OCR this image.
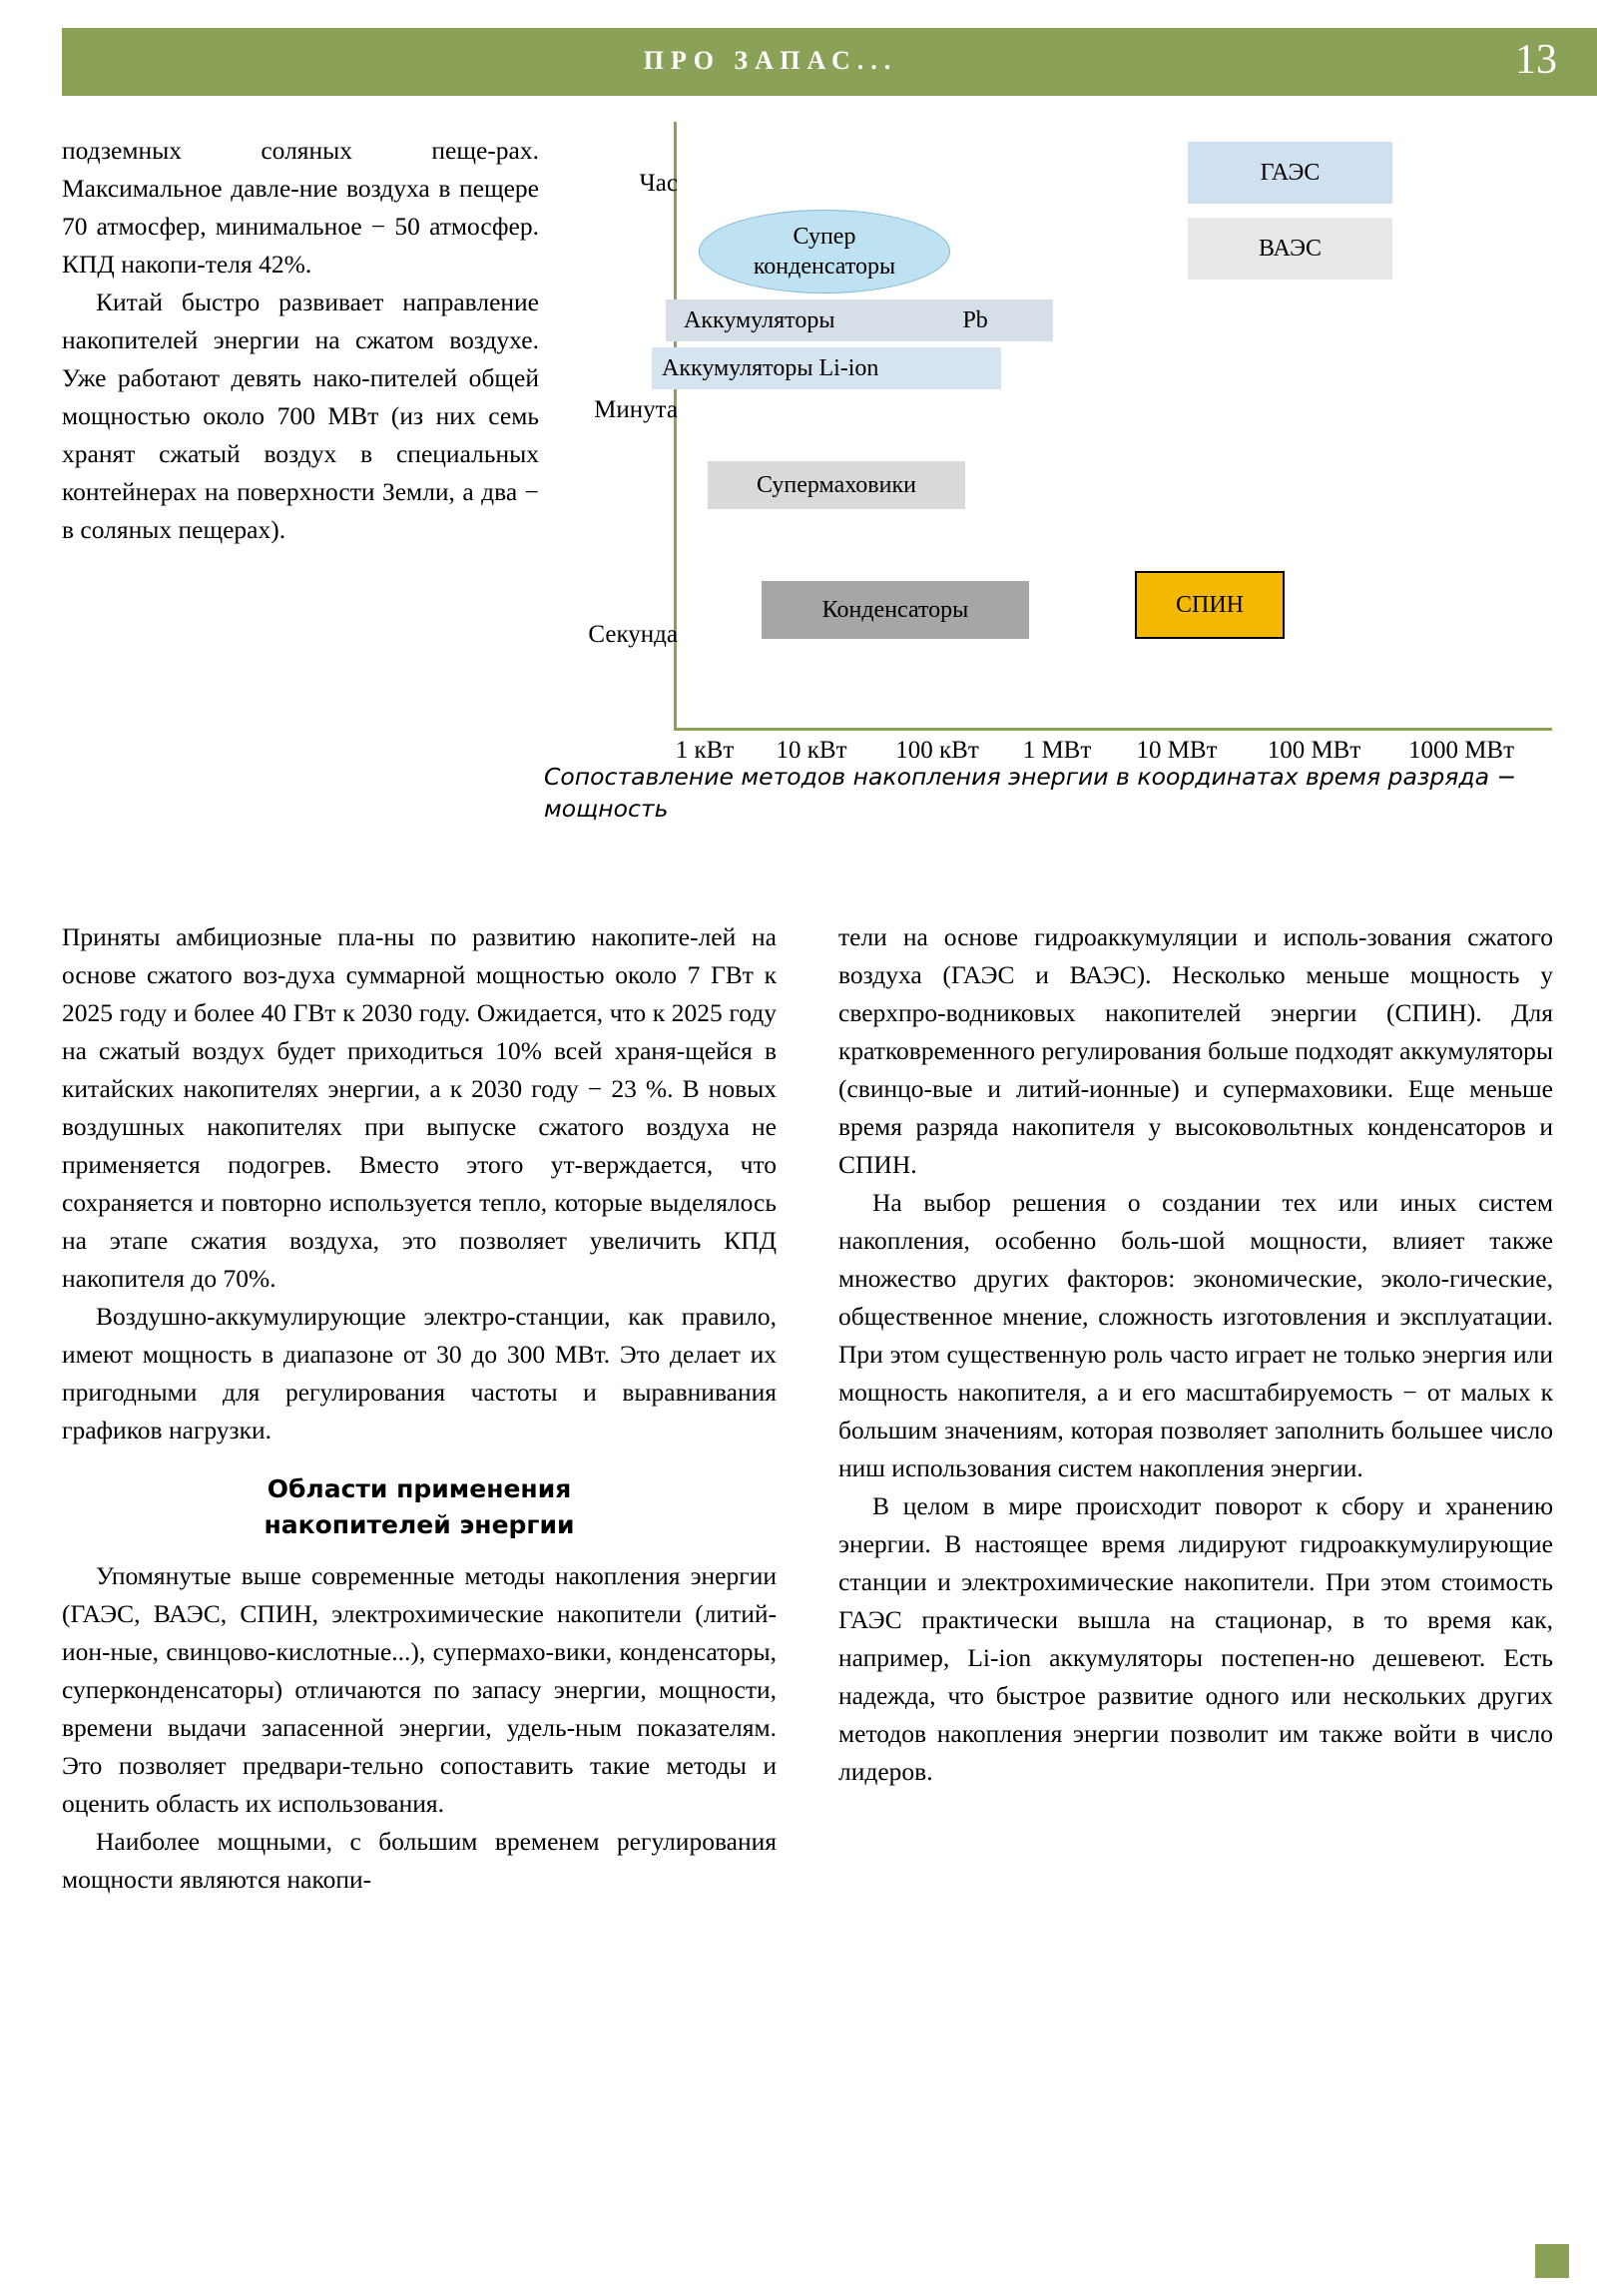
ПРО ЗАПАС...	13

подземных соляных пеще-рах. Максимальное давле-ние воздуха в пещере 70 атмосфер, минимальное − 50 атмосфер. КПД накопи-теля 42%.

Китай быстро развивает направление накопителей энергии на сжатом воздухе. Уже работают девять нако-пителей общей мощностью около 700 МВт (из них семь хранят сжатый воздух в специальных контейнерах на поверхности Земли, а два − в соляных пещерах).

Час
Минута
Секунда
ГАЭС
ВАЭС
Супер
конденсаторы
Аккумуляторы	Pb
Аккумуляторы Li-ion
Супермаховики
Конденсаторы	СПИН
1 кВт 10 кВт 100 кВт 1 МВт 10 МВт 100 МВт 1000 МВт
Сопоставление методов накопления энергии в координатах время разряда − мощность

Приняты амбициозные пла-ны по развитию накопите-лей на основе сжатого воз-духа суммарной мощностью около 7 ГВт к 2025 году и более 40 ГВт к 2030 году. Ожидается, что к 2025 году на сжатый воздух будет приходиться 10% всей храня-щейся в китайских накопителях энергии, а к 2030 году − 23 %. В новых воздушных накопителях при выпуске сжатого воздуха не применяется подогрев. Вместо этого ут-верждается, что сохраняется и повторно используется тепло, которые выделялось на этапе сжатия воздуха, это позволяет увеличить КПД накопителя до 70%.

Воздушно-аккумулирующие электро-станции, как правило, имеют мощность в диапазоне от 30 до 300 МВт. Это делает их пригодными для регулирования частоты и выравнивания графиков нагрузки.

Области применения
накопителей энергии

Упомянутые выше современные методы накопления энергии (ГАЭС, ВАЭС, СПИН, электрохимические накопители (литий-ион-ные, свинцово-кислотные...), супермахо-вики, конденсаторы, суперконденсаторы) отличаются по запасу энергии, мощности, времени выдачи запасенной энергии, удель-ным показателям. Это позволяет предвари-тельно сопоставить такие методы и оценить область их использования.

Наиболее мощными, с большим временем регулирования мощности являются накопи-

тели на основе гидроаккумуляции и исполь-зования сжатого воздуха (ГАЭС и ВАЭС). Несколько меньше мощность у сверхпро-водниковых накопителей энергии (СПИН). Для кратковременного регулирования больше подходят аккумуляторы (свинцо-вые и литий-ионные) и супермаховики. Еще меньше время разряда накопителя у высоковольтных конденсаторов и СПИН.

На выбор решения о создании тех или иных систем накопления, особенно боль-шой мощности, влияет также множество других факторов: экономические, эколо-гические, общественное мнение, сложность изготовления и эксплуатации. При этом существенную роль часто играет не только энергия или мощность накопителя, а и его масштабируемость − от малых к большим значениям, которая позволяет заполнить большее число ниш использования систем накопления энергии.

В целом в мире происходит поворот к сбору и хранению энергии. В настоящее время лидируют гидроаккумулирующие станции и электрохимические накопители. При этом стоимость ГАЭС практически вышла на стационар, в то время как, например, Li-ion аккумуляторы постепен-но дешевеют. Есть надежда, что быстрое развитие одного или нескольких других методов накопления энергии позволит им также войти в число лидеров.
